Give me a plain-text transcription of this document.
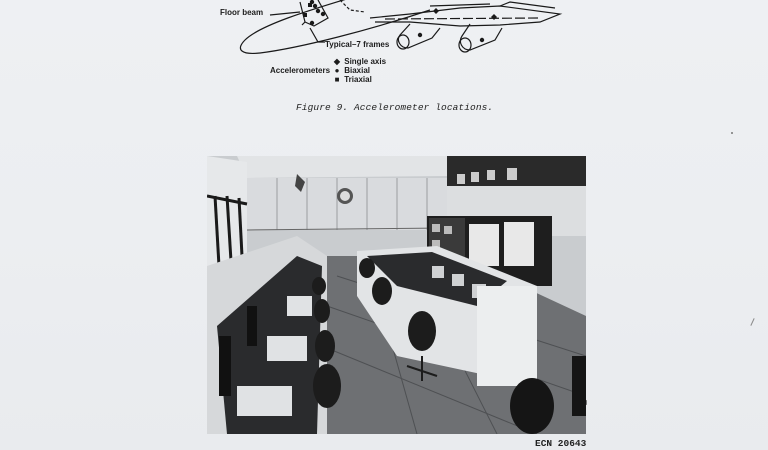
Floor beam
Typical–7 frames
Accelerometers
◆ Single axis
● Biaxial
■ Triaxial
Figure 9. Accelerometer locations.
ECN 20643
